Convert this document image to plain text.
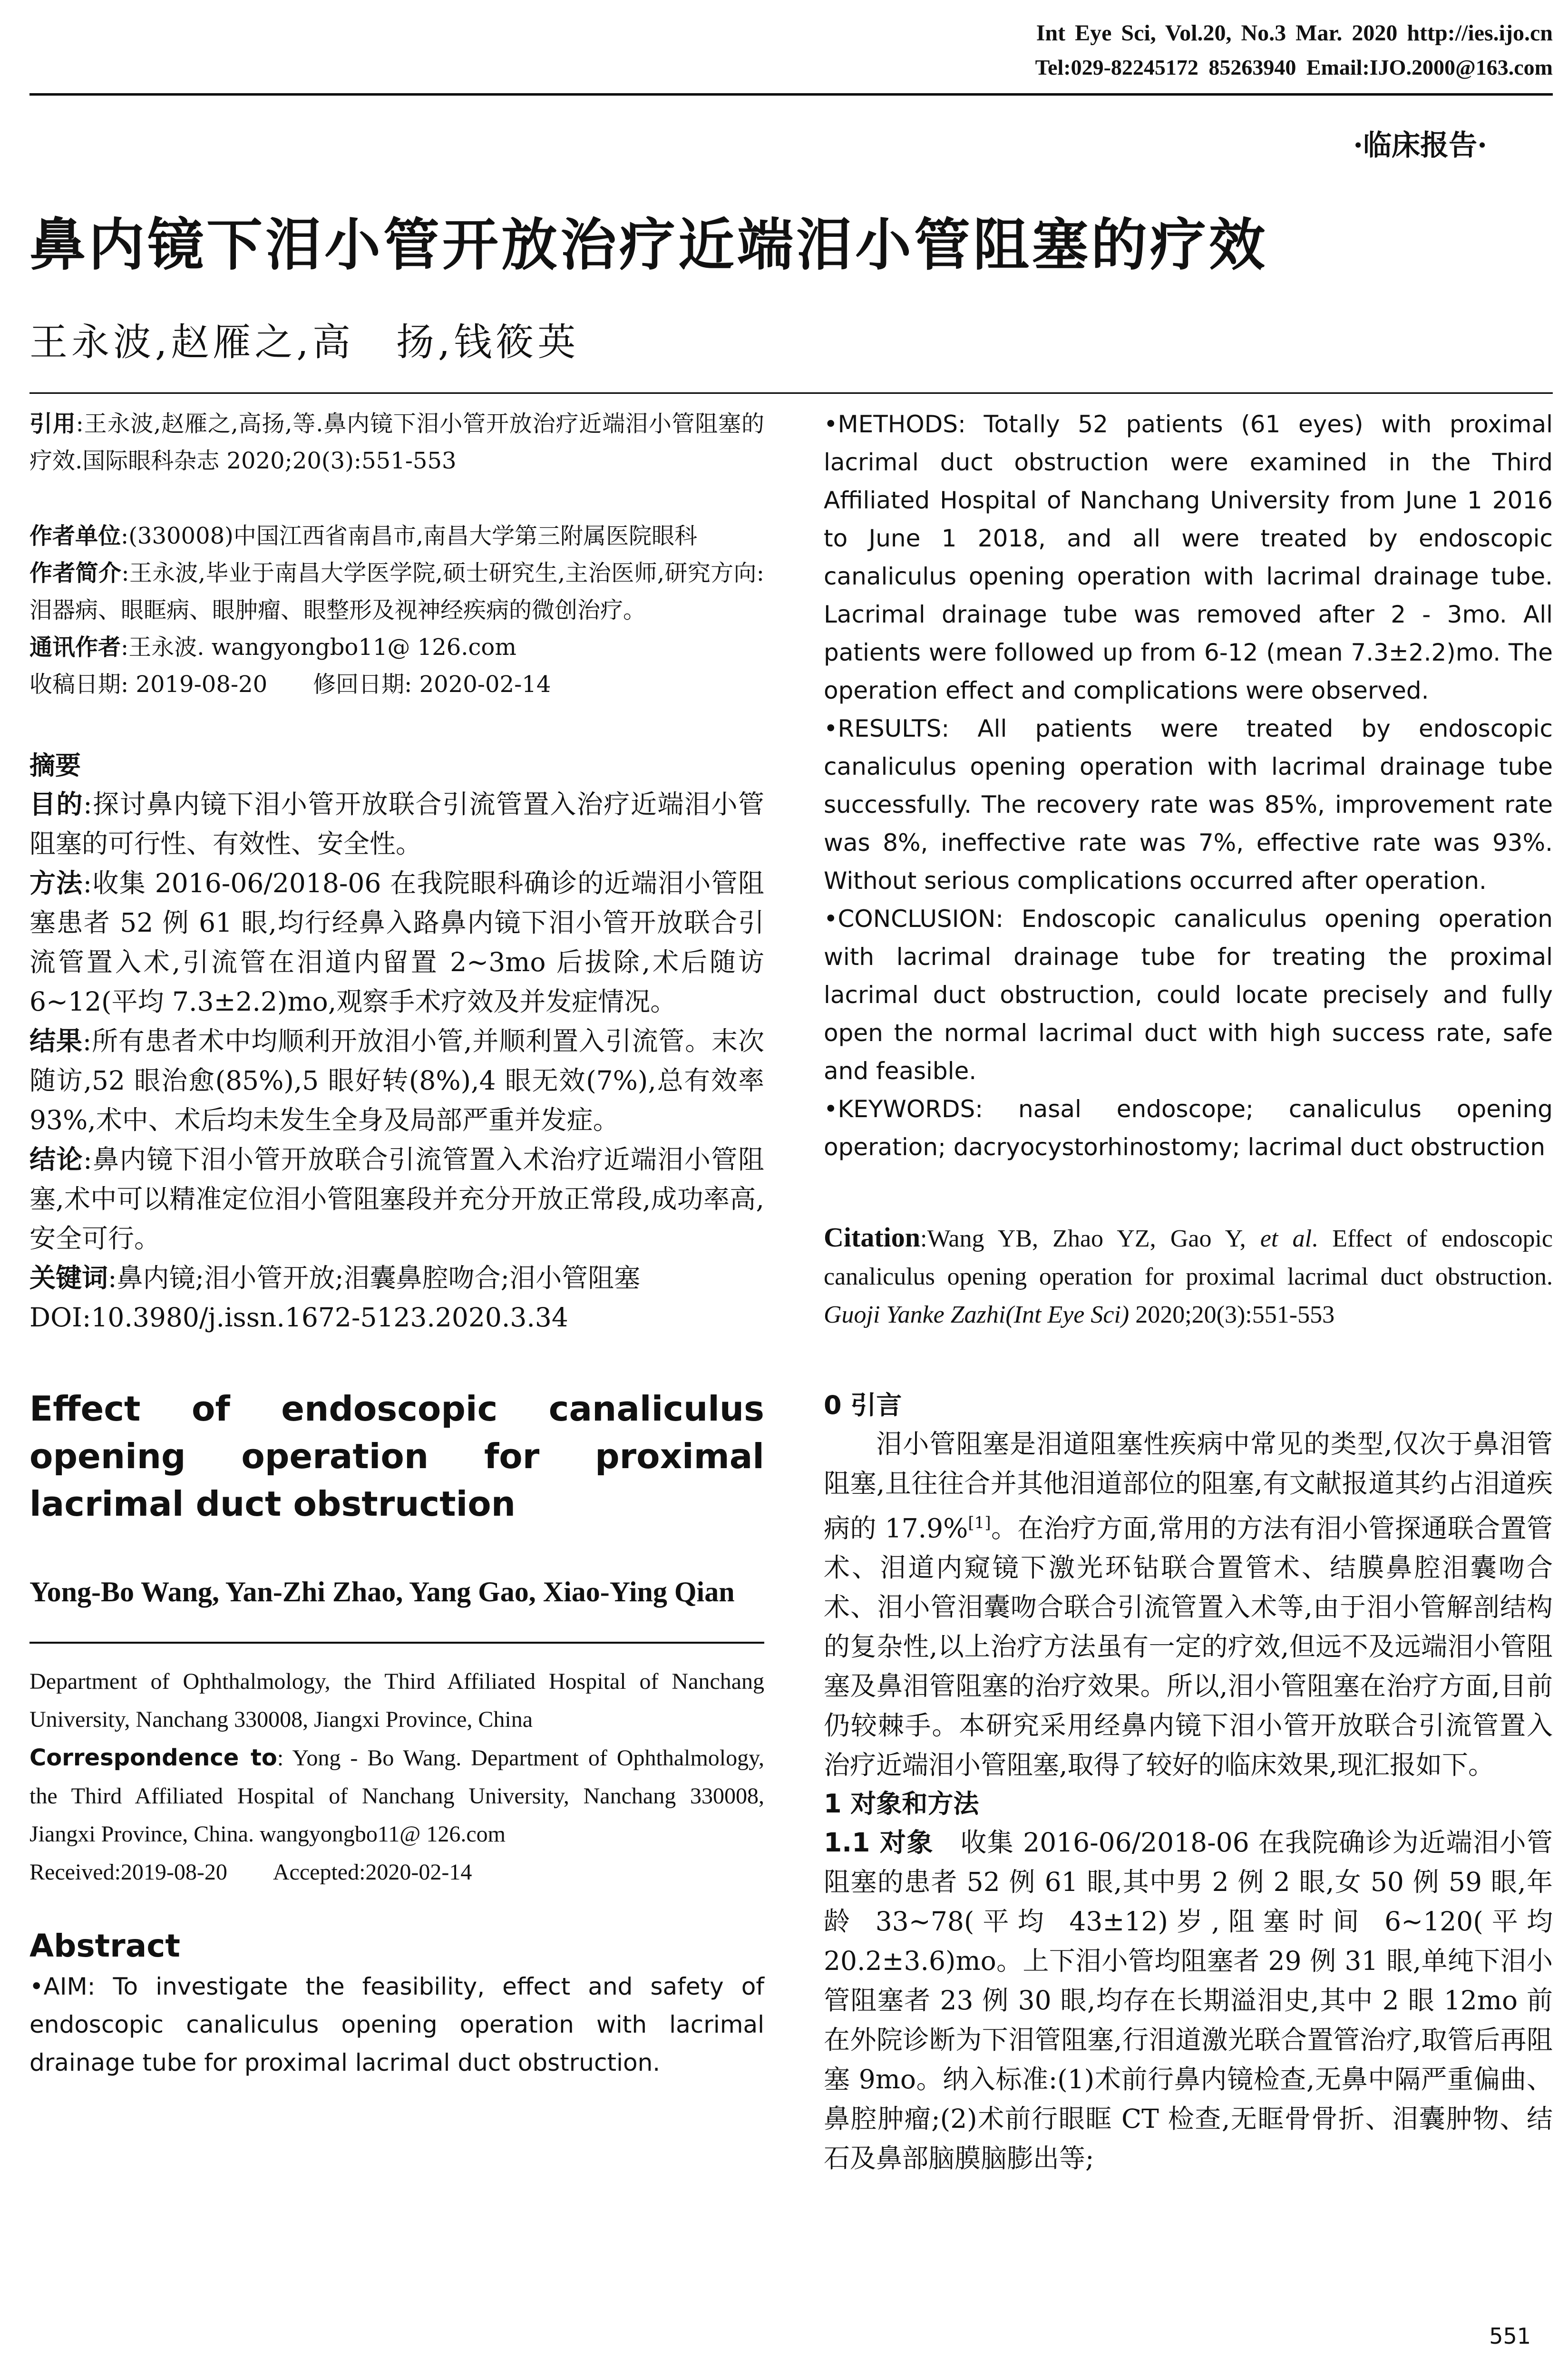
Int Eye Sci, Vol.20, No.3 Mar. 2020 http://ies.ijo.cn
Tel:029-82245172 85263940 Email:IJO.2000@163.com
·临床报告·
鼻内镜下泪小管开放治疗近端泪小管阻塞的疗效
王永波,赵雁之,高　扬,钱筱英
引用:王永波,赵雁之,高扬,等.鼻内镜下泪小管开放治疗近端泪小管阻塞的疗效.国际眼科杂志 2020;20(3):551-553
作者单位:(330008)中国江西省南昌市,南昌大学第三附属医院眼科
作者简介:王永波,毕业于南昌大学医学院,硕士研究生,主治医师,研究方向:泪器病、眼眶病、眼肿瘤、眼整形及视神经疾病的微创治疗。
通讯作者:王永波. wangyongbo11@ 126.com
收稿日期: 2019-08-20　　修回日期: 2020-02-14
摘要
目的:探讨鼻内镜下泪小管开放联合引流管置入治疗近端泪小管阻塞的可行性、有效性、安全性。
方法:收集 2016-06/2018-06 在我院眼科确诊的近端泪小管阻塞患者 52 例 61 眼,均行经鼻入路鼻内镜下泪小管开放联合引流管置入术,引流管在泪道内留置 2~3mo 后拔除,术后随访 6~12(平均 7.3±2.2)mo,观察手术疗效及并发症情况。
结果:所有患者术中均顺利开放泪小管,并顺利置入引流管。末次随访,52 眼治愈(85%),5 眼好转(8%),4 眼无效(7%),总有效率 93%,术中、术后均未发生全身及局部严重并发症。
结论:鼻内镜下泪小管开放联合引流管置入术治疗近端泪小管阻塞,术中可以精准定位泪小管阻塞段并充分开放正常段,成功率高,安全可行。
关键词:鼻内镜;泪小管开放;泪囊鼻腔吻合;泪小管阻塞
DOI:10.3980/j.issn.1672-5123.2020.3.34
Effect of endoscopic canaliculus opening operation for proximal lacrimal duct obstruction
Yong-Bo Wang, Yan-Zhi Zhao, Yang Gao, Xiao-Ying Qian
Department of Ophthalmology, the Third Affiliated Hospital of Nanchang University, Nanchang 330008, Jiangxi Province, China
Correspondence to: Yong - Bo Wang. Department of Ophthalmology, the Third Affiliated Hospital of Nanchang University, Nanchang 330008, Jiangxi Province, China. wangyongbo11@ 126.com
Received:2019-08-20　　Accepted:2020-02-14
Abstract
•AIM: To investigate the feasibility, effect and safety of endoscopic canaliculus opening operation with lacrimal drainage tube for proximal lacrimal duct obstruction.
•METHODS: Totally 52 patients (61 eyes) with proximal lacrimal duct obstruction were examined in the Third Affiliated Hospital of Nanchang University from June 1 2016 to June 1 2018, and all were treated by endoscopic canaliculus opening operation with lacrimal drainage tube. Lacrimal drainage tube was removed after 2 - 3mo. All patients were followed up from 6-12 (mean 7.3±2.2)mo. The operation effect and complications were observed.
•RESULTS: All patients were treated by endoscopic canaliculus opening operation with lacrimal drainage tube successfully. The recovery rate was 85%, improvement rate was 8%, ineffective rate was 7%, effective rate was 93%. Without serious complications occurred after operation.
•CONCLUSION: Endoscopic canaliculus opening operation with lacrimal drainage tube for treating the proximal lacrimal duct obstruction, could locate precisely and fully open the normal lacrimal duct with high success rate, safe and feasible.
•KEYWORDS: nasal endoscope; canaliculus opening operation; dacryocystorhinostomy; lacrimal duct obstruction
Citation:Wang YB, Zhao YZ, Gao Y, et al. Effect of endoscopic canaliculus opening operation for proximal lacrimal duct obstruction. Guoji Yanke Zazhi(Int Eye Sci) 2020;20(3):551-553
0 引言
泪小管阻塞是泪道阻塞性疾病中常见的类型,仅次于鼻泪管阻塞,且往往合并其他泪道部位的阻塞,有文献报道其约占泪道疾病的 17.9%[1]。在治疗方面,常用的方法有泪小管探通联合置管术、泪道内窥镜下激光环钻联合置管术、结膜鼻腔泪囊吻合术、泪小管泪囊吻合联合引流管置入术等,由于泪小管解剖结构的复杂性,以上治疗方法虽有一定的疗效,但远不及远端泪小管阻塞及鼻泪管阻塞的治疗效果。所以,泪小管阻塞在治疗方面,目前仍较棘手。本研究采用经鼻内镜下泪小管开放联合引流管置入治疗近端泪小管阻塞,取得了较好的临床效果,现汇报如下。
1 对象和方法
1.1 对象　 收集 2016-06/2018-06 在我院确诊为近端泪小管阻塞的患者 52 例 61 眼,其中男 2 例 2 眼,女 50 例 59 眼,年龄 33~78(平均 43±12)岁,阻塞时间 6~120(平均 20.2±3.6)mo。上下泪小管均阻塞者 29 例 31 眼,单纯下泪小管阻塞者 23 例 30 眼,均存在长期溢泪史,其中 2 眼 12mo 前在外院诊断为下泪管阻塞,行泪道激光联合置管治疗,取管后再阻塞 9mo。纳入标准:(1)术前行鼻内镜检查,无鼻中隔严重偏曲、鼻腔肿瘤;(2)术前行眼眶 CT 检查,无眶骨骨折、泪囊肿物、结石及鼻部脑膜脑膨出等;
551
